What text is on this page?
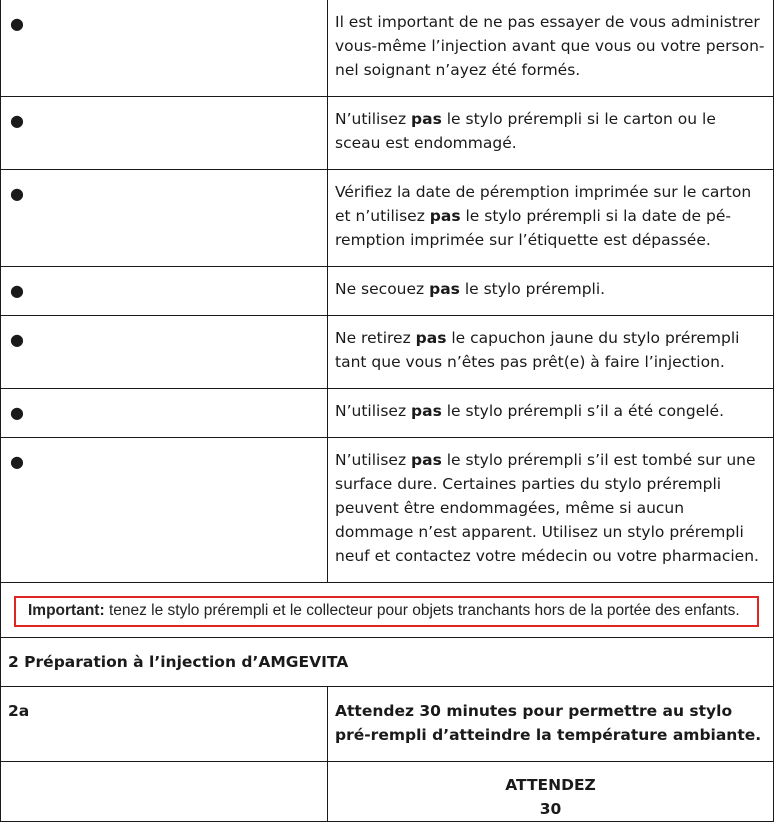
●	Il est important de ne pas essayer de vous administrer vous-même l’injection avant que vous ou votre person-nel soignant n’ayez été formés.
●	N’utilisez pas le stylo prérempli si le carton ou le sceau est endommagé.
●	Vérifiez la date de péremption imprimée sur le carton et n’utilisez pas le stylo prérempli si la date de pé-remption imprimée sur l’étiquette est dépassée.
●	Ne secouez pas le stylo prérempli.
●	Ne retirez pas le capuchon jaune du stylo prérempli tant que vous n’êtes pas prêt(e) à faire l’injection.
●	N’utilisez pas le stylo prérempli s’il a été congelé.
●	N’utilisez pas le stylo prérempli s’il est tombé sur une surface dure. Certaines parties du stylo prérempli peuvent être endommagées, même si aucun dommage n’est apparent. Utilisez un stylo prérempli neuf et contactez votre médecin ou votre pharmacien.

Important: tenez le stylo prérempli et le collecteur pour objets tranchants hors de la portée des enfants.	

2 Préparation à l’injection d’AMGEVITA	
2a	Attendez 30 minutes pour permettre au stylo pré-rempli d’atteindre la température ambiante.

	ATTENDEZ
30
